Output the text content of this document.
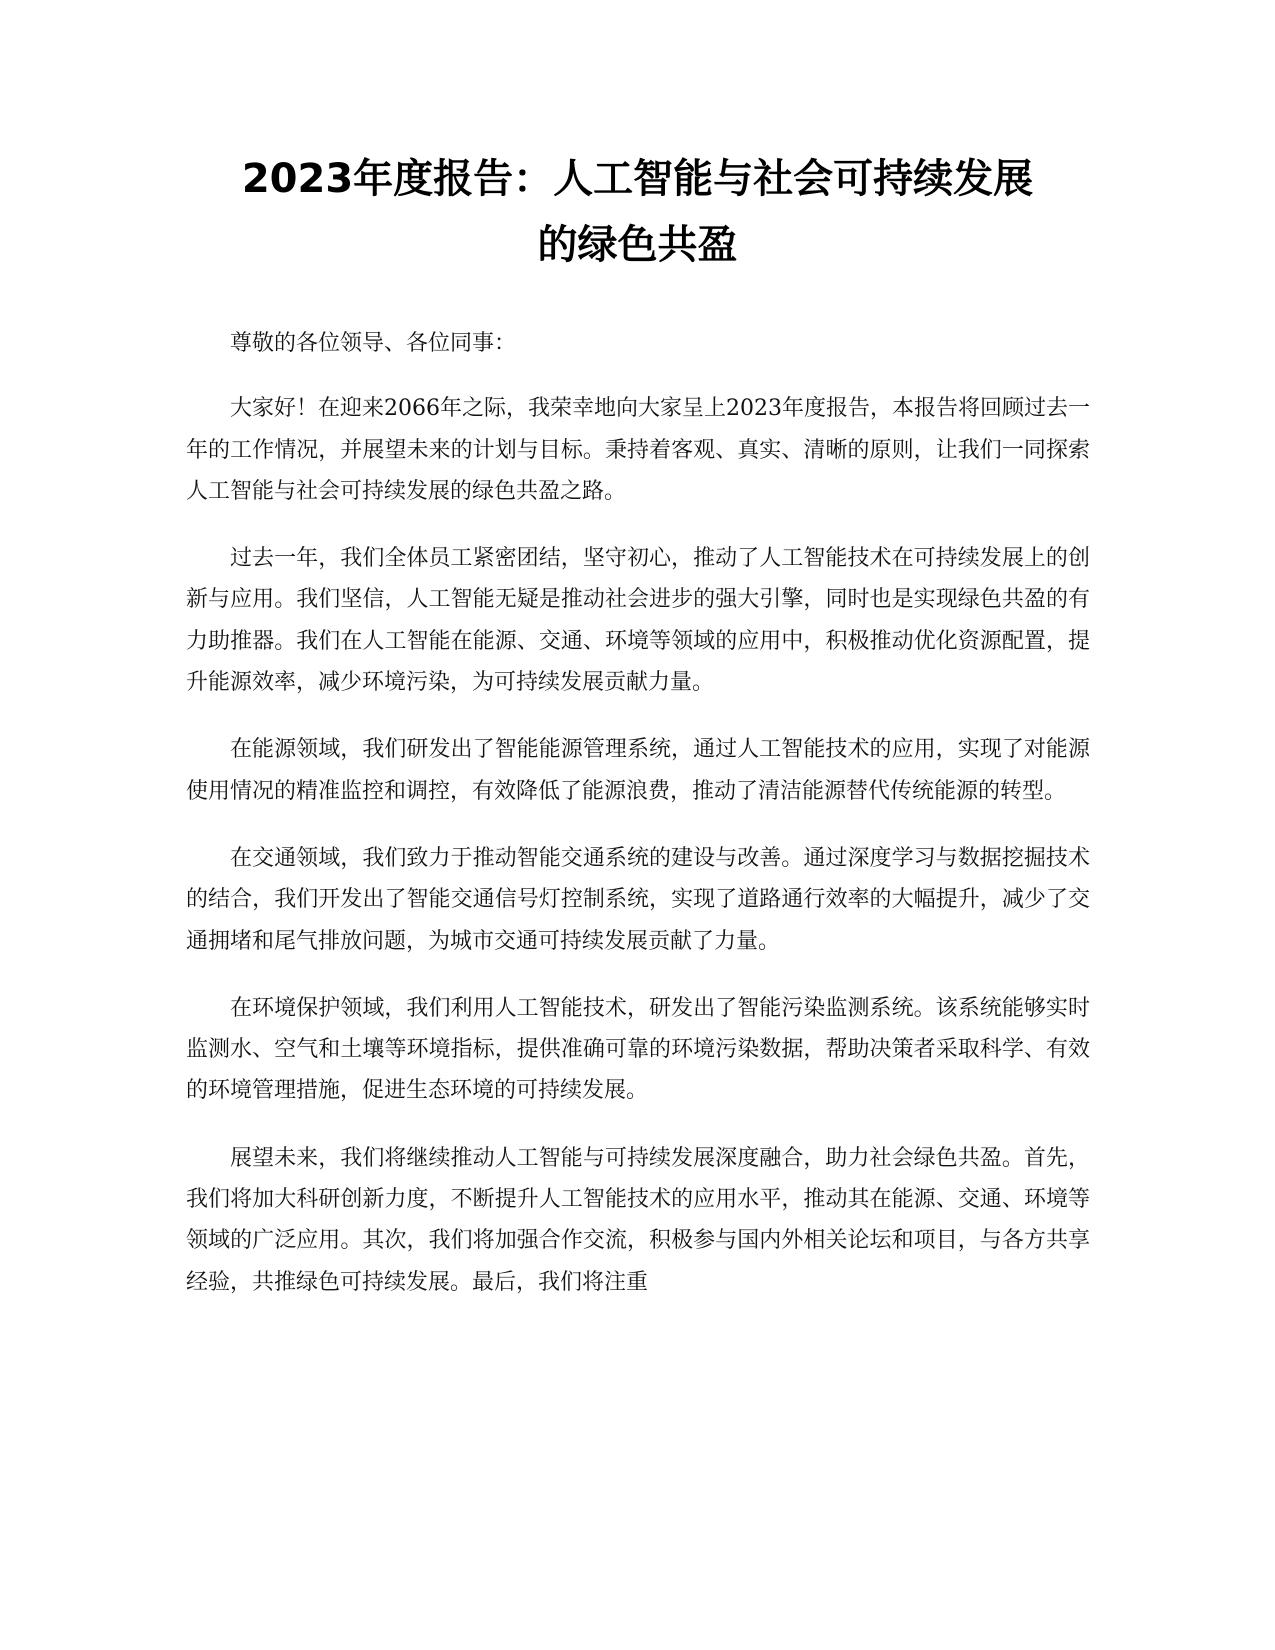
2023年度报告：人工智能与社会可持续发展
的绿色共盈

尊敬的各位领导、各位同事：

大家好！在迎来2066年之际，我荣幸地向大家呈上2023年度报告，本报告将回顾过去一年的工作情况，并展望未来的计划与目标。秉持着客观、真实、清晰的原则，让我们一同探索人工智能与社会可持续发展的绿色共盈之路。

过去一年，我们全体员工紧密团结，坚守初心，推动了人工智能技术在可持续发展上的创新与应用。我们坚信，人工智能无疑是推动社会进步的强大引擎，同时也是实现绿色共盈的有力助推器。我们在人工智能在能源、交通、环境等领域的应用中，积极推动优化资源配置，提升能源效率，减少环境污染，为可持续发展贡献力量。

在能源领域，我们研发出了智能能源管理系统，通过人工智能技术的应用，实现了对能源使用情况的精准监控和调控，有效降低了能源浪费，推动了清洁能源替代传统能源的转型。

在交通领域，我们致力于推动智能交通系统的建设与改善。通过深度学习与数据挖掘技术的结合，我们开发出了智能交通信号灯控制系统，实现了道路通行效率的大幅提升，减少了交通拥堵和尾气排放问题，为城市交通可持续发展贡献了力量。

在环境保护领域，我们利用人工智能技术，研发出了智能污染监测系统。该系统能够实时监测水、空气和土壤等环境指标，提供准确可靠的环境污染数据，帮助决策者采取科学、有效的环境管理措施，促进生态环境的可持续发展。

展望未来，我们将继续推动人工智能与可持续发展深度融合，助力社会绿色共盈。首先，我们将加大科研创新力度，不断提升人工智能技术的应用水平，推动其在能源、交通、环境等领域的广泛应用。其次，我们将加强合作交流，积极参与国内外相关论坛和项目，与各方共享经验，共推绿色可持续发展。最后，我们将注重
